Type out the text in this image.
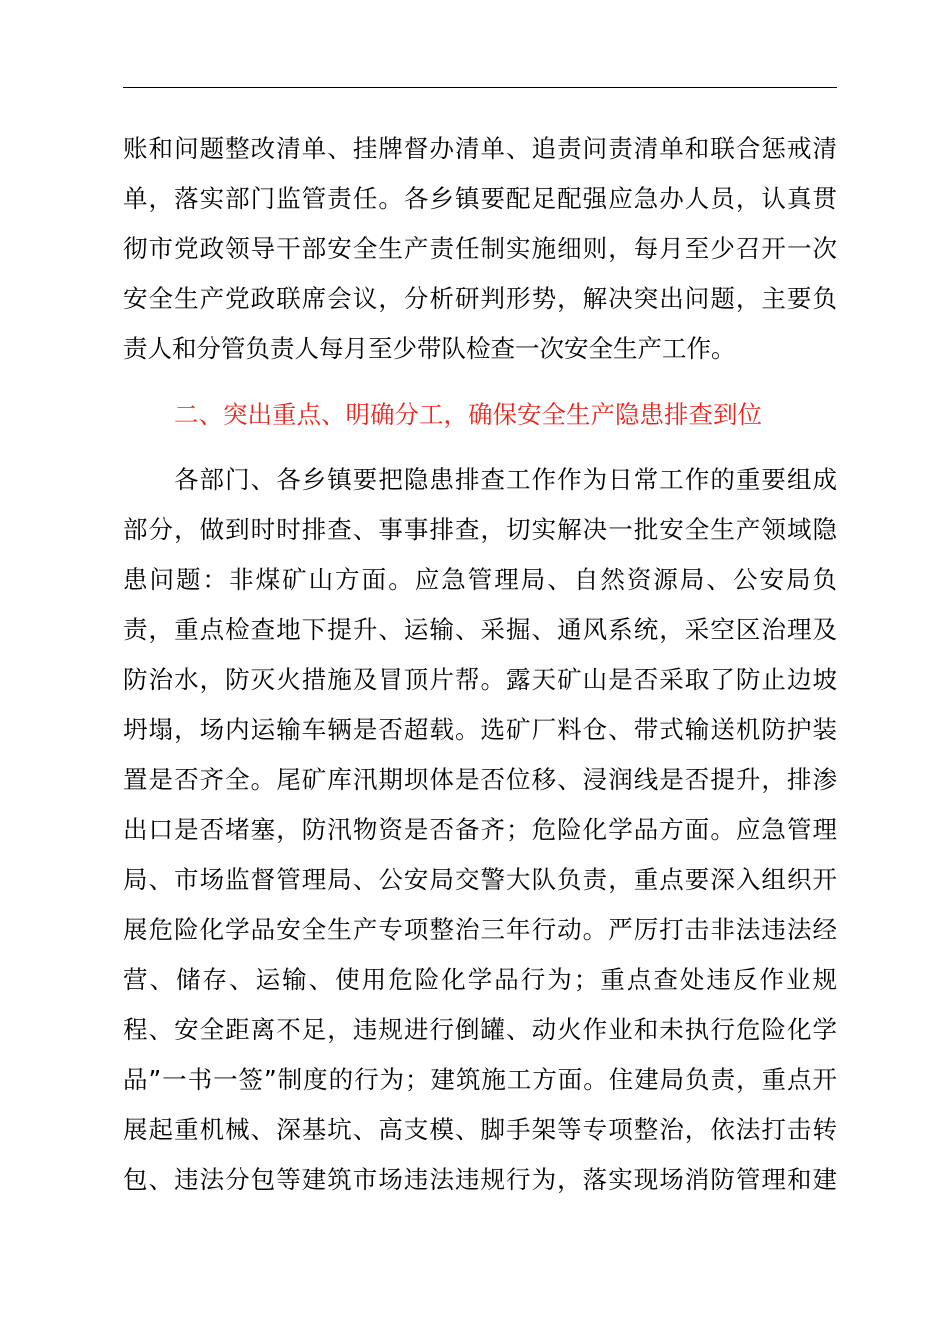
账和问题整改清单、挂牌督办清单、追责问责清单和联合惩戒清
单，落实部门监管责任。各乡镇要配足配强应急办人员，认真贯
彻市党政领导干部安全生产责任制实施细则，每月至少召开一次
安全生产党政联席会议，分析研判形势，解决突出问题，主要负
责人和分管负责人每月至少带队检查一次安全生产工作。
二、突出重点、明确分工，确保安全生产隐患排查到位
各部门、各乡镇要把隐患排查工作作为日常工作的重要组成
部分，做到时时排查、事事排查，切实解决一批安全生产领域隐
患问题：非煤矿山方面。应急管理局、自然资源局、公安局负
责，重点检查地下提升、运输、采掘、通风系统，采空区治理及
防治水，防灭火措施及冒顶片帮。露天矿山是否采取了防止边坡
坍塌，场内运输车辆是否超载。选矿厂料仓、带式输送机防护装
置是否齐全。尾矿库汛期坝体是否位移、浸润线是否提升，排渗
出口是否堵塞，防汛物资是否备齐；危险化学品方面。应急管理
局、市场监督管理局、公安局交警大队负责，重点要深入组织开
展危险化学品安全生产专项整治三年行动。严厉打击非法违法经
营、储存、运输、使用危险化学品行为；重点查处违反作业规
程、安全距离不足，违规进行倒罐、动火作业和未执行危险化学
品”一书一签”制度的行为；建筑施工方面。住建局负责，重点开
展起重机械、深基坑、高支模、脚手架等专项整治，依法打击转
包、违法分包等建筑市场违法违规行为，落实现场消防管理和建
